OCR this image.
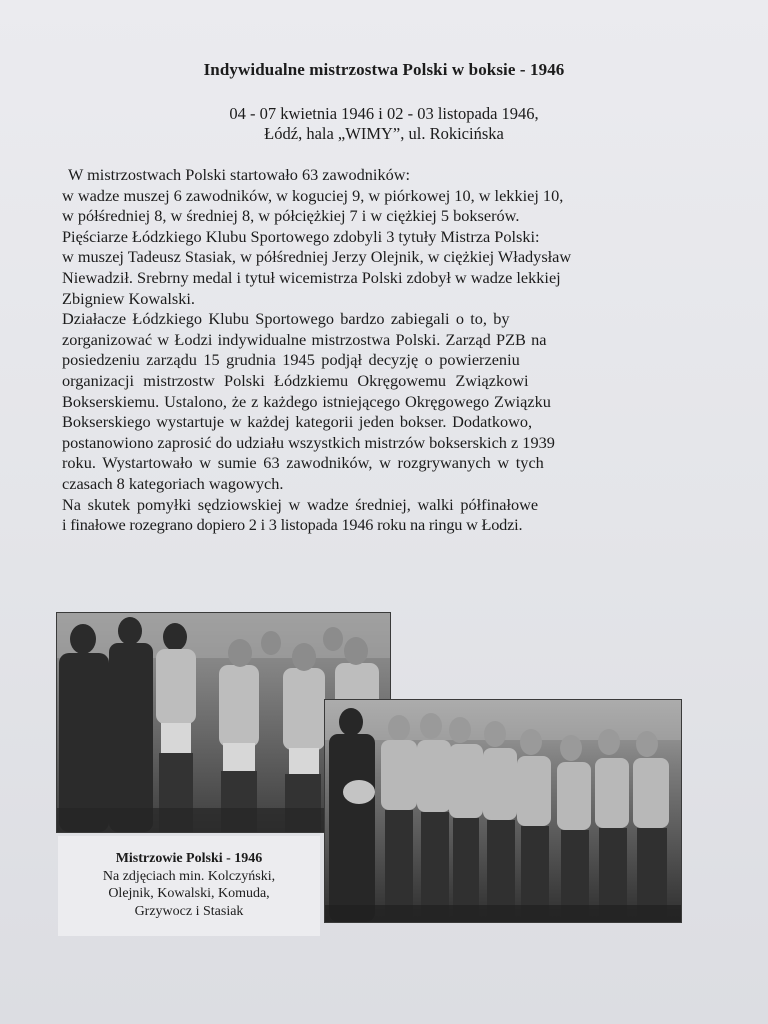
Indywidualne mistrzostwa Polski w boksie - 1946
04 - 07 kwietnia 1946 i 02 - 03 listopada 1946,
Łódź, hala „WIMY”, ul. Rokicińska

W mistrzostwach Polski startowało 63 zawodników:
w wadze muszej 6 zawodników, w koguciej 9, w piórkowej 10, w lekkiej 10,
w półśredniej 8, w średniej 8, w półciężkiej 7 i w ciężkiej 5 bokserów.
Pięściarze Łódzkiego Klubu Sportowego zdobyli 3 tytuły Mistrza Polski:
w muszej Tadeusz Stasiak, w półśredniej Jerzy Olejnik, w ciężkiej Władysław
Niewadził. Srebrny medal i tytuł wicemistrza Polski zdobył w wadze lekkiej
Zbigniew Kowalski.

Działacze Łódzkiego Klubu Sportowego bardzo zabiegali o to, by
zorganizować w Łodzi indywidualne mistrzostwa Polski. Zarząd PZB na
posiedzeniu zarządu 15 grudnia 1945 podjął decyzję o powierzeniu
organizacji mistrzostw Polski Łódzkiemu Okręgowemu Związkowi
Bokserskiemu. Ustalono, że z każdego istniejącego Okręgowego Związku
Bokserskiego wystartuje w każdej kategorii jeden bokser. Dodatkowo,
postanowiono zaprosić do udziału wszystkich mistrzów bokserskich z 1939
roku. Wystartowało w sumie 63 zawodników, w rozgrywanych w tych
czasach 8 kategoriach wagowych.

Na skutek pomyłki sędziowskiej w wadze średniej, walki półfinałowe
i finałowe rozegrano dopiero 2 i 3 listopada 1946 roku na ringu w Łodzi.

Mistrzowie Polski - 1946
Na zdjęciach min. Kolczyński,
Olejnik, Kowalski, Komuda,
Grzywocz i Stasiak
